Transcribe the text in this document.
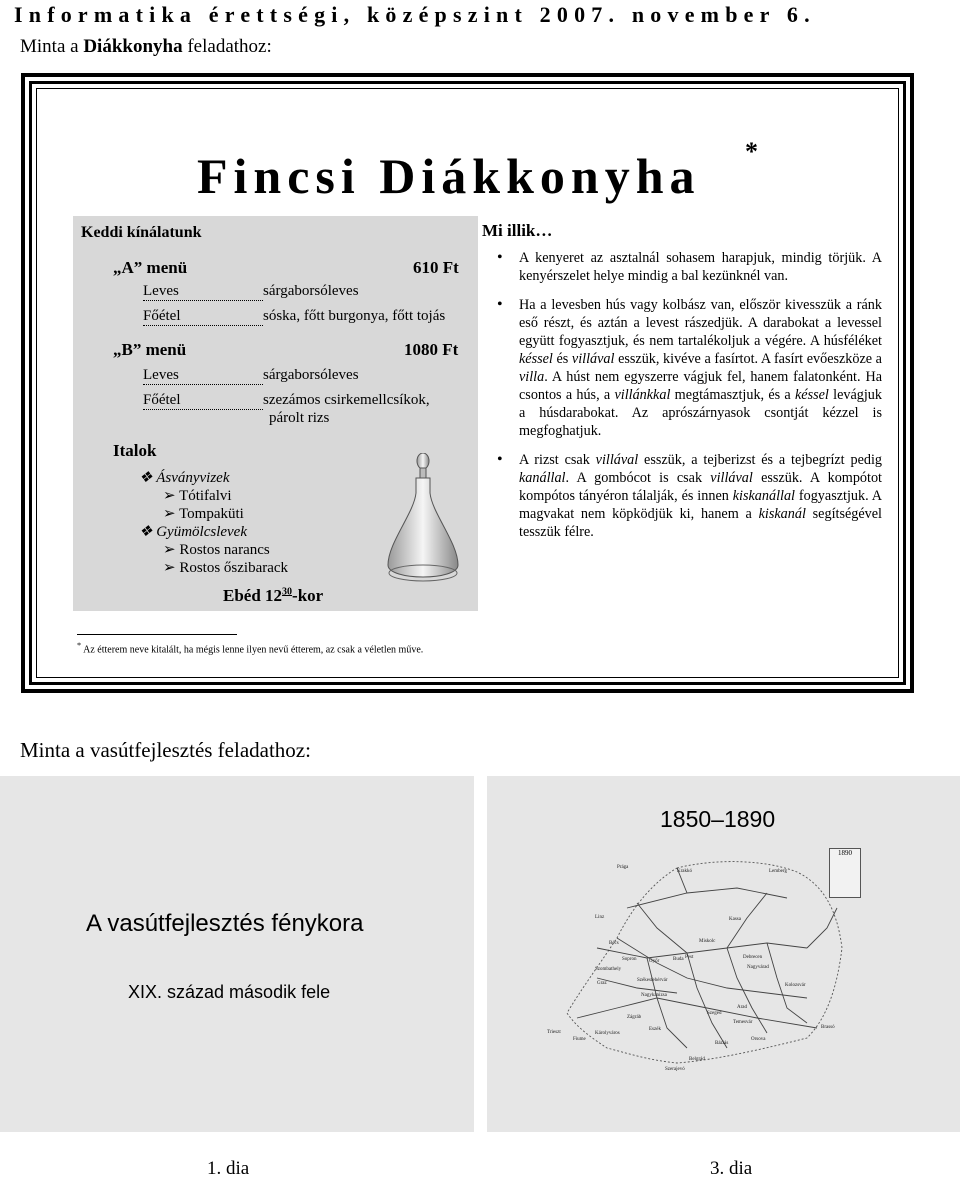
Informatika érettségi, középszint 2007. november 6.
Minta a Diákkonyha feladathoz:
Fincsi Diákkonyha *
Keddi kínálatunk
„A” menü	610 Ft
Leves	sárgaborsóleves
Főétel	sóska, főtt burgonya, főtt tojás
„B” menü	1080 Ft
Leves	sárgaborsóleves
Főétel	szezámos csirkemellcsíkok,
párolt rizs
Italok
❖ Ásványvizek
➢ Tótifalvi
➢ Tompaküti
❖ Gyümölcslevek
➢ Rostos narancs
➢ Rostos őszibarack
Ebéd $12^{30}$-kor
Mi illik…
• A kenyeret az asztalnál sohasem harapjuk, mindig törjük. A kenyérszelet helye mindig a bal kezünknél van.
• Ha a levesben hús vagy kolbász van, először kivesszük a ránk eső részt, és aztán a levest rászedjük. A darabokat a levessel együtt fogyasztjuk, és nem tartalékoljuk a végére. A húsféléket késsel és villával esszük, kivéve a fasírtot. A fasírt evőeszköze a villa. A húst nem egyszerre vágjuk fel, hanem falatonként. Ha csontos a hús, a villánkkal megtámasztjuk, és a késsel levágjuk a húsdarabokat. Az aprószárnyasok csontját kézzel is megfoghatjuk.
• A rizst csak villával esszük, a tejberizst és a tejbegrízt pedig kanállal. A gombócot is csak villával esszük. A kompótot kompótos tányéron tálalják, és innen kiskanállal fogyasztjuk. A magvakat nem köpködjük ki, hanem a kiskanál segítségével tesszük félre.
* Az étterem neve kitalált, ha mégis lenne ilyen nevű étterem, az csak a véletlen műve.
Minta a vasútfejlesztés feladathoz:
A vasútfejlesztés fénykora
XIX. század második fele
1850–1890
1890
Prága
Krakkó	Lemberg
Linz	Kassa
Bécs	Miskolc
Debrecen
Sopron	Győr	Buda Pest
Nagyvárad
Szombathely
Graz
Székesfehérvár
Kolozsvár
Nagykanizsa
Szeged
Arad
Zágráb
Temesvár
Trieszt
Fiume
Károlyváros
Eszék
Orsova
Belgrád
Báziás
Brassó
Szerajevó
1. dia	3. dia
